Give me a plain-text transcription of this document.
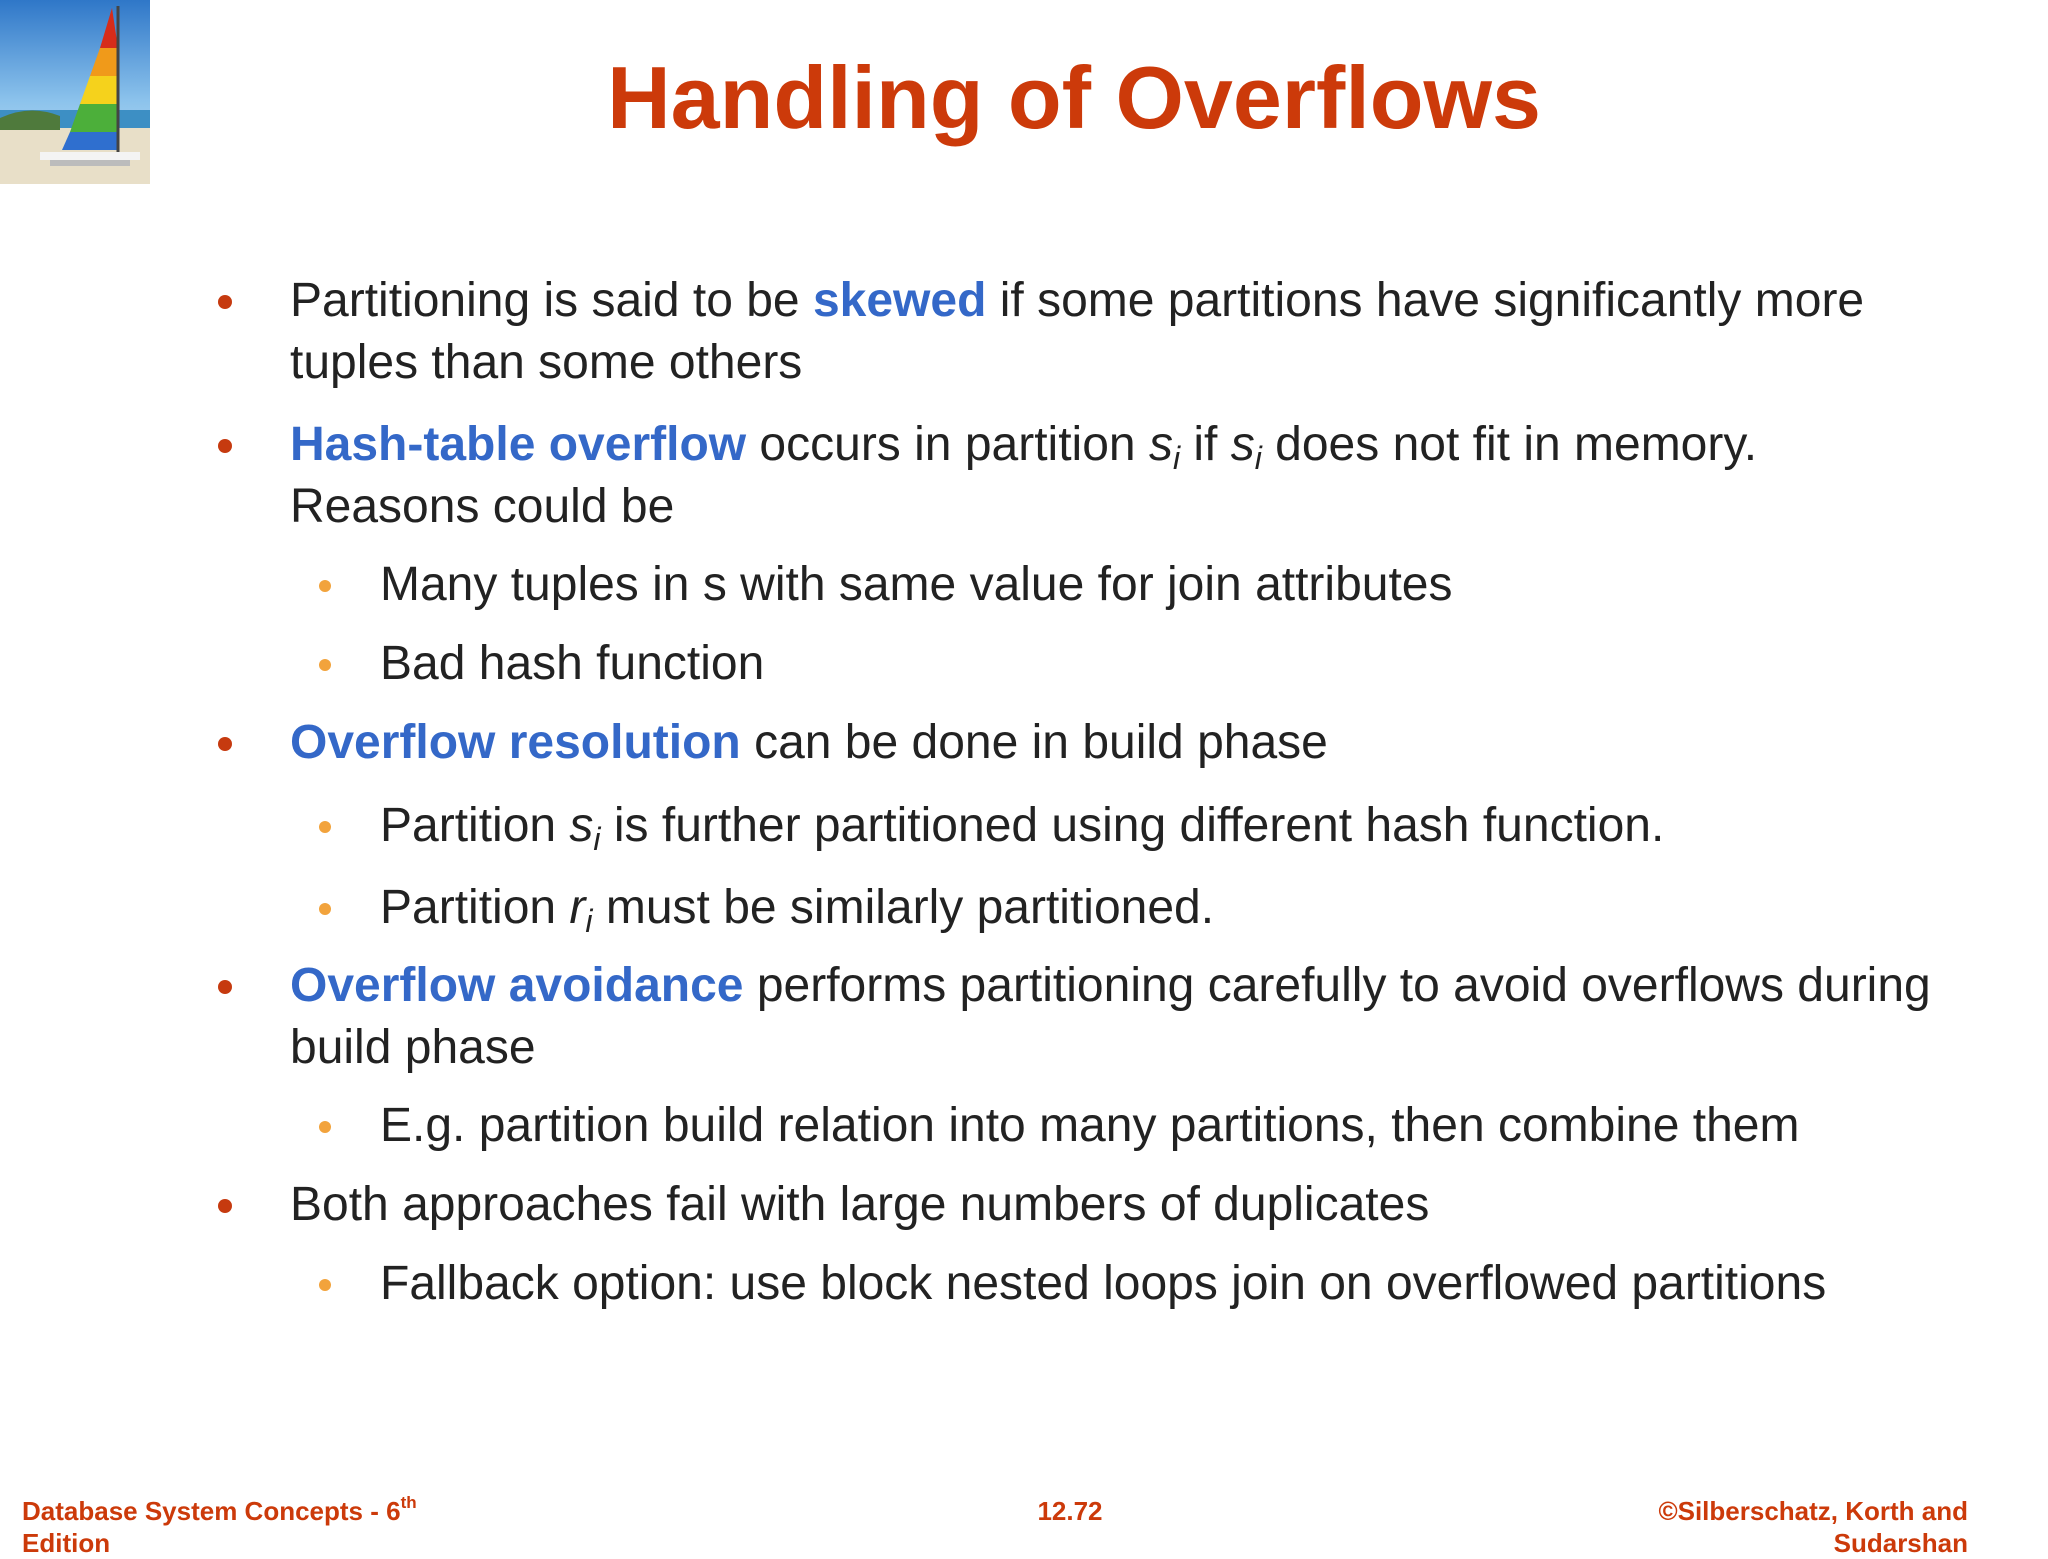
Handling of Overflows
Partitioning is said to be skewed if some partitions have significantly more tuples than some others
Hash-table overflow occurs in partition $s_i$ if $s_i$ does not fit in memory. Reasons could be
Many tuples in s with same value for join attributes
Bad hash function
Overflow resolution can be done in build phase
Partition $s_i$ is further partitioned using different hash function.
Partition $r_i$ must be similarly partitioned.
Overflow avoidance performs partitioning carefully to avoid overflows during build phase
E.g. partition build relation into many partitions, then combine them
Both approaches fail with large numbers of duplicates
Fallback option: use block nested loops join on overflowed partitions
Database System Concepts - 6th
Edition
12.72	©Silberschatz, Korth and
Sudarshan
